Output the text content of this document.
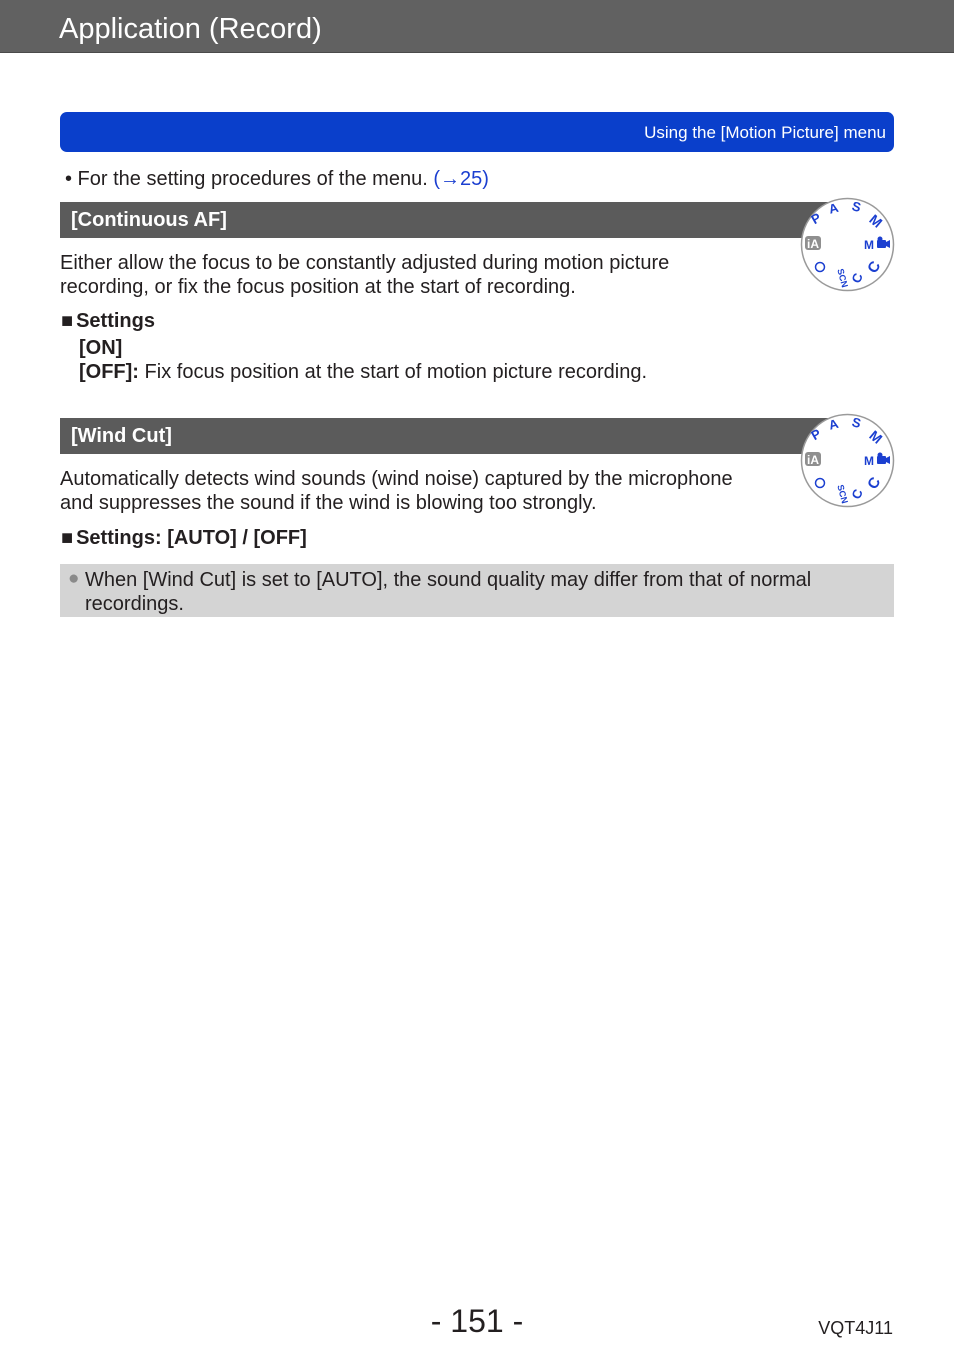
Application (Record)
Using the [Motion Picture] menu
• For the setting procedures of the menu. (→25)
[Continuous AF]	P
A S
M
M
C
C
SCN
iA
Either allow the focus to be constantly adjusted during motion picture
recording, or fix the focus position at the start of recording.
■ Settings
[ON]
[OFF]: Fix focus position at the start of motion picture recording.
[Wind Cut]	P
A S
M
M
C
C
SCN
iA
Automatically detects wind sounds (wind noise) captured by the microphone
and suppresses the sound if the wind is blowing too strongly.
■ Settings: [AUTO] / [OFF]
● When [Wind Cut] is set to [AUTO], the sound quality may differ from that of normal
recordings.
- 151 -	VQT4J11
